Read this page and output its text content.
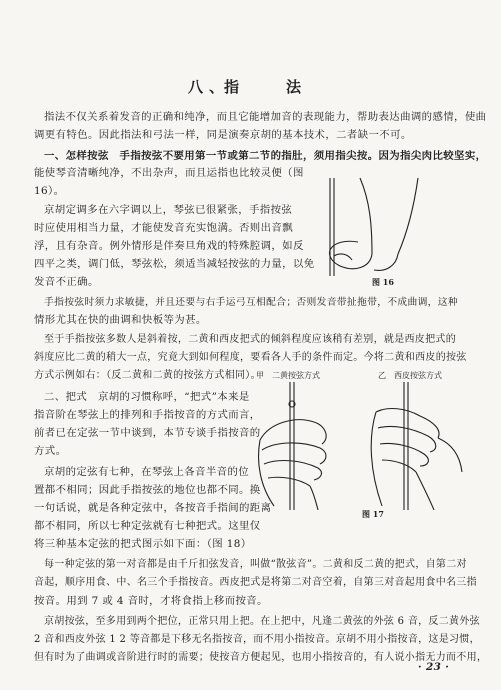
八、
指	法
指法不仅关系着发音的正确和纯净，而且它能增加音的表现能力，帮助表达曲调的感情，使曲
调更有特色。因此指法和弓法一样，同是演奏京胡的基本技术，二者缺一不可。
一、怎样按弦　手指按弦不要用第一节或第二节的指肚，须用指尖按。因为指尖肉比较坚实，
能使琴音清晰纯净，不出杂声，而且运指也比较灵便（图
16）。
京胡定调多在六字调以上，琴弦已很紧张，手指按弦
时应使用相当力量，才能使发音充实饱满。否则出音飘
浮，且有杂音。例外情形是伴奏旦角戏的特殊腔调，如反
四平之类，调门低，琴弦松，须适当减轻按弦的力量，以免
发音不正确。
手指按弦时须力求敏捷，并且还要与右手运弓互相配合；否则发音带扯拖带，不成曲调，这种
情形尤其在快的曲调和快板等为甚。
至于手指按弦多数人是斜着按，二黄和西皮把式的倾斜程度应该稍有差别，就是西皮把式的
斜度应比二黄的稍大一点，究竟大到如何程度，要看各人手的条件而定。今将二黄和西皮的按弦
方式示例如右：（反二黄和二黄的按弦方式相同）。
二、把式　京胡的习惯称呼，“把式”本来是
指音阶在琴弦上的排列和手指按音的方式而言，
前者已在定弦一节中谈到，本节专谈手指按音的
方式。
京胡的定弦有七种，在琴弦上各音半音的位
置都不相同；因此手指按弦的地位也都不同。换
一句话说，就是各种定弦中，各按音手指间的距离
都不相同，所以七种定弦就有七种把式。这里仅
将三种基本定弦的把式图示如下面：（图 18）
每一种定弦的第一对音都是由千斤扣弦发音，叫做“散弦音”。二黄和反二黄的把式，自第二对
音起，顺序用食、中、名三个手指按音。西皮把式是将第二对音空着，自第三对音起用食中名三指
按音。用到 7 或 4 音时，才将食指上移而按音。
京胡按弦，至多用到两个把位，正常只用上把。在上把中，凡逢二黄弦的外弦 6 音，反二黄外弦
2 音和西皮外弦 1 2 等音都是下移无名指按音，而不用小指按音。京胡不用小指按音，这是习惯，
但有时为了曲调或音阶进行时的需要；使按音方便起见，也用小指按音的，有人说小指无力而不用，
图 16
甲　二黄按弦方式	乙　西皮按弦方式
图 17
· 23 ·
